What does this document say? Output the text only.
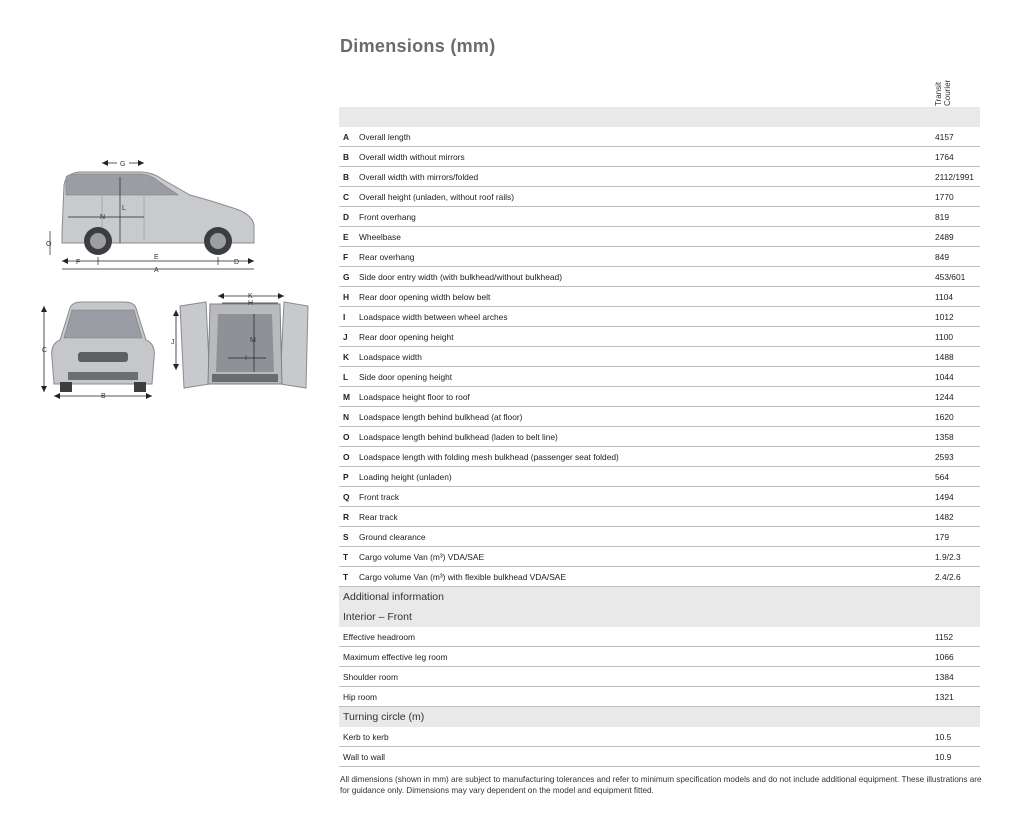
Dimensions (mm)
Transit
Courier
G
N
L
O
F
E
D
A
C
B
K
H
J	M
I
A Overall length	4157
B Overall width without mirrors	1764
B Overall width with mirrors/folded	2112/1991
C Overall height (unladen, without roof rails)	1770
D Front overhang	819
E Wheelbase	2489
F Rear overhang	849
G Side door entry width (with bulkhead/without bulkhead)	453/601
H Rear door opening width below belt	1104
I Loadspace width between wheel arches	1012
J Rear door opening height	1100
K Loadspace width	1488
L Side door opening height	1044
M Loadspace height floor to roof	1244
N Loadspace length behind bulkhead (at floor)	1620
O Loadspace length behind bulkhead (laden to belt line)	1358
O Loadspace length with folding mesh bulkhead (passenger seat folded)	2593
P Loading height (unladen)	564
Q Front track	1494
R Rear track	1482
S Ground clearance	179
T Cargo volume Van (m³) VDA/SAE	1.9/2.3
T Cargo volume Van (m³) with flexible bulkhead VDA/SAE	2.4/2.6
Additional information
Interior – Front
Effective headroom	1152
Maximum effective leg room	1066
Shoulder room	1384
Hip room	1321
Turning circle (m)
Kerb to kerb	10.5
Wall to wall	10.9
All dimensions (shown in mm) are subject to manufacturing tolerances and refer to minimum specification models and do not include additional equipment. These illustrations are for guidance only. Dimensions may vary dependent on the model and equipment fitted.
